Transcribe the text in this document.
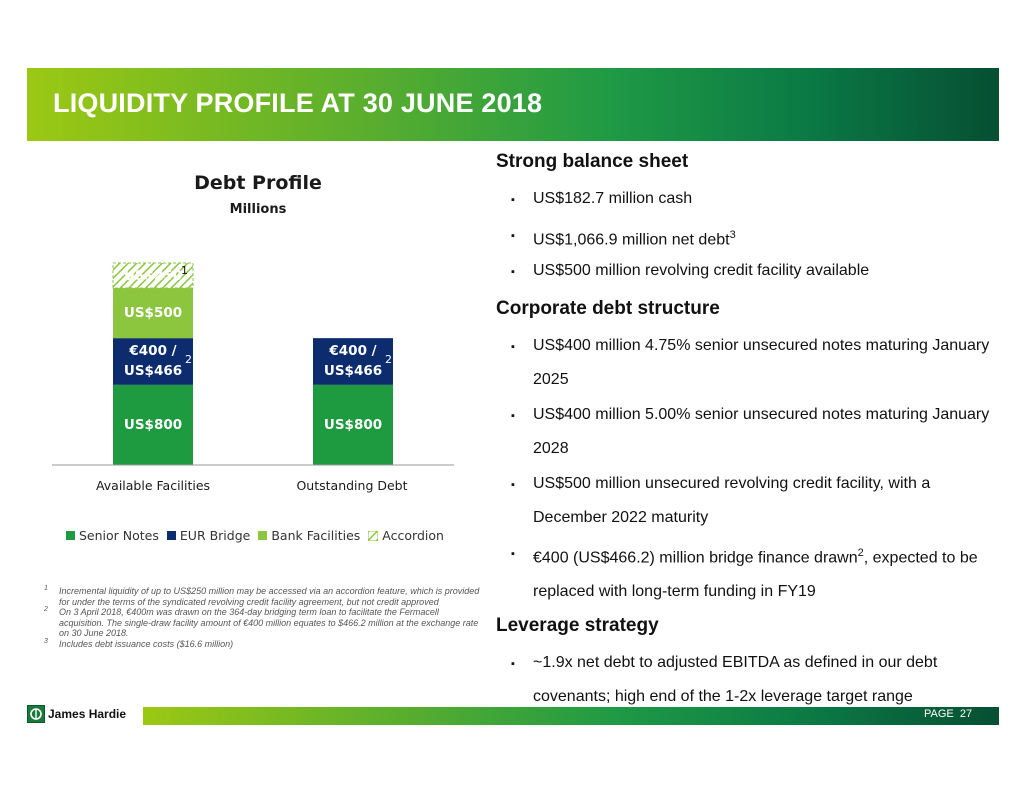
LIQUIDITY PROFILE AT 30 JUNE 2018
Debt Profile
Millions
US$800
€400 /
US$466
2
US$500
US$250
1
US$800
€400 /
US$466
2
Available Facilities	Outstanding Debt
Senior Notes EUR Bridge Bank Facilities Accordion
1 Incremental liquidity of up to US$250 million may be accessed via an accordion feature, which is provided for under the terms of the syndicated revolving credit facility agreement, but not credit approved
2 On 3 April 2018, €400m was drawn on the 364-day bridging term loan to facilitate the Fermacell acquisition. The single-draw facility amount of €400 million equates to $466.2 million at the exchange rate on 30 June 2018.
3 Includes debt issuance costs ($16.6 million)
Strong balance sheet
▪ US$182.7 million cash
▪ US$1,066.9 million net debt$^3$
▪ US$500 million revolving credit facility available
Corporate debt structure
▪ US$400 million 4.75% senior unsecured notes maturing January 2025
▪ US$400 million 5.00% senior unsecured notes maturing January 2028
▪ US$500 million unsecured revolving credit facility, with a December 2022 maturity
▪ €400 (US$466.2) million bridge finance drawn$^2$, expected to be replaced with long-term funding in FY19
Leverage strategy
▪ ~1.9x net debt to adjusted EBITDA as defined in our debt covenants; high end of the 1-2x leverage target range
James Hardie	PAGE 27
